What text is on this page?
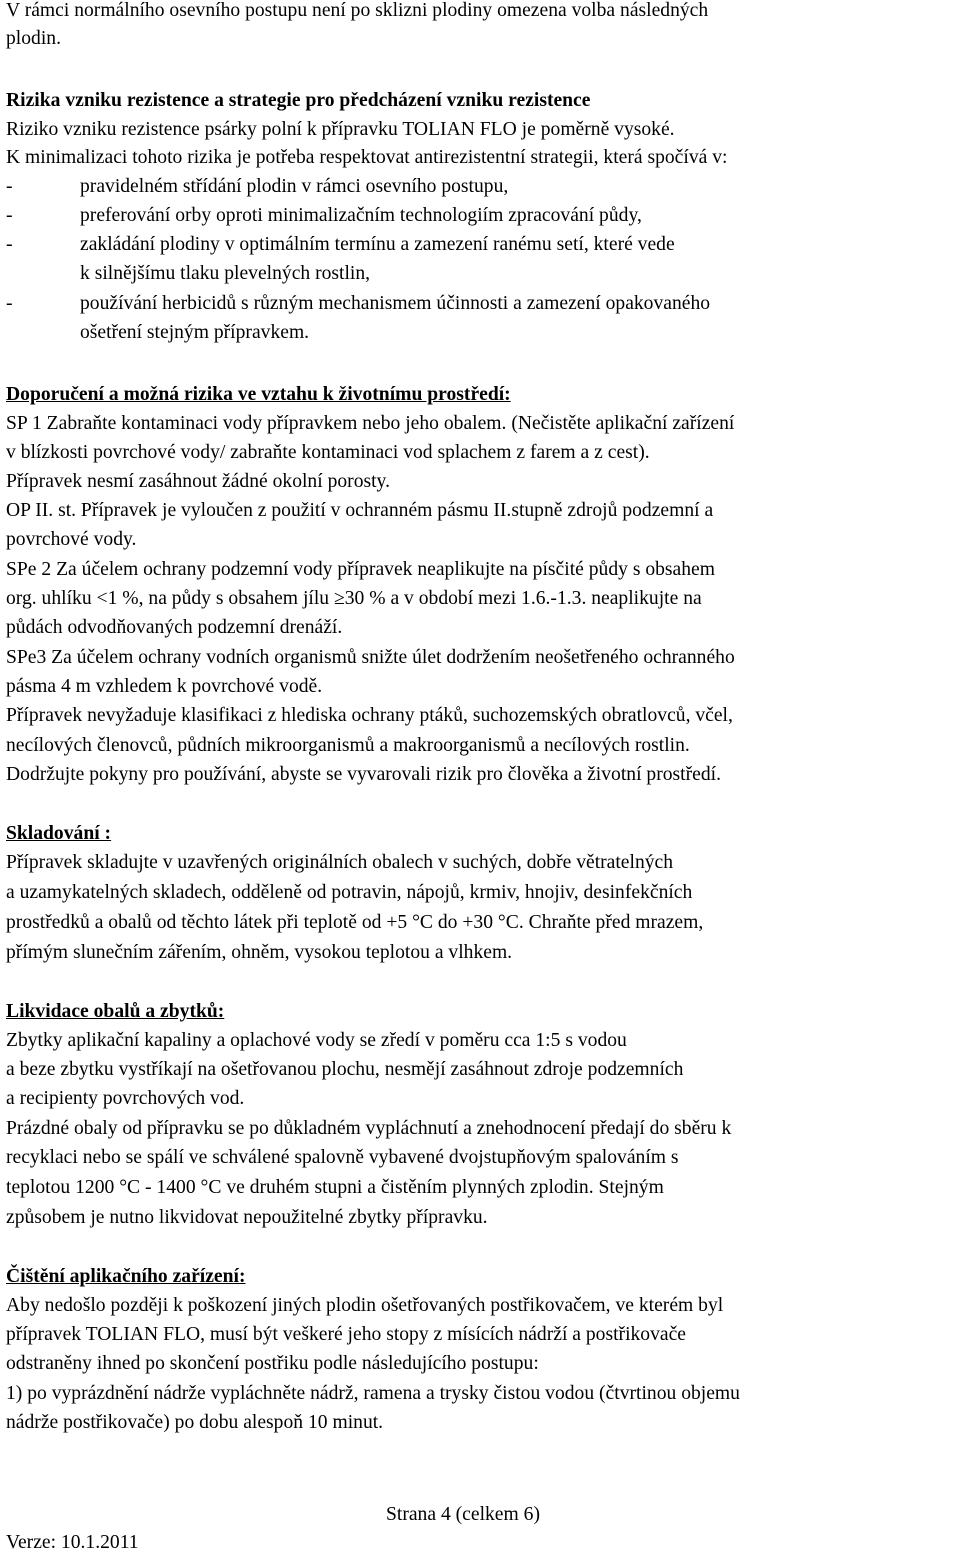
V rámci normálního osevního postupu není po sklizni plodiny omezena volba následných
plodin.
Rizika vzniku rezistence a strategie pro předcházení vzniku rezistence
Riziko vzniku rezistence psárky polní k přípravku TOLIAN FLO je poměrně vysoké.
K minimalizaci tohoto rizika je potřeba respektovat antirezistentní strategii, která spočívá v:
-	pravidelném střídání plodin v rámci osevního postupu,
-	preferování orby oproti minimalizačním technologiím zpracování půdy,
-	zakládání plodiny v optimálním termínu a zamezení ranému setí, které vede
k silnějšímu tlaku plevelných rostlin,
-	používání herbicidů s různým mechanismem účinnosti a zamezení opakovaného
ošetření stejným přípravkem.
Doporučení a možná rizika ve vztahu k životnímu prostředí:
SP 1 Zabraňte kontaminaci vody přípravkem nebo jeho obalem. (Nečistěte aplikační zařízení
v blízkosti povrchové vody/ zabraňte kontaminaci vod splachem z farem a z cest).
Přípravek nesmí zasáhnout žádné okolní porosty.
OP II. st. Přípravek je vyloučen z použití v ochranném pásmu II.stupně zdrojů podzemní a
povrchové vody.
SPe 2 Za účelem ochrany podzemní vody přípravek neaplikujte na písčité půdy s obsahem
org. uhlíku <1 %, na půdy s obsahem jílu ≥30 % a v období mezi 1.6.-1.3. neaplikujte na
půdách odvodňovaných podzemní drenáží.
SPe3 Za účelem ochrany vodních organismů snižte úlet dodržením neošetřeného ochranného
pásma 4 m vzhledem k povrchové vodě.
Přípravek nevyžaduje klasifikaci z hlediska ochrany ptáků, suchozemských obratlovců, včel,
necílových členovců, půdních mikroorganismů a makroorganismů a necílových rostlin.
Dodržujte pokyny pro používání, abyste se vyvarovali rizik pro člověka a životní prostředí.
Skladování :
Přípravek skladujte v uzavřených originálních obalech v suchých, dobře větratelných
a uzamykatelných skladech, odděleně od potravin, nápojů, krmiv, hnojiv, desinfekčních
prostředků a obalů od těchto látek při teplotě od +5 °C do +30 °C. Chraňte před mrazem,
přímým slunečním zářením, ohněm, vysokou teplotou a vlhkem.
Likvidace obalů a zbytků:
Zbytky aplikační kapaliny a oplachové vody se zředí v poměru cca 1:5 s vodou
a beze zbytku vystříkají na ošetřovanou plochu, nesmějí zasáhnout zdroje podzemních
a recipienty povrchových vod.
Prázdné obaly od přípravku se po důkladném vypláchnutí a znehodnocení předají do sběru k
recyklaci nebo se spálí ve schválené spalovně vybavené dvojstupňovým spalováním s
teplotou 1200 °C - 1400 °C ve druhém stupni a čistěním plynných zplodin. Stejným
způsobem je nutno likvidovat nepoužitelné zbytky přípravku.
Čištění aplikačního zařízení:
Aby nedošlo později k poškození jiných plodin ošetřovaných postřikovačem, ve kterém byl
přípravek TOLIAN FLO, musí být veškeré jeho stopy z mísících nádrží a postřikovače
odstraněny ihned po skončení postřiku podle následujícího postupu:
1) po vyprázdnění nádrže vypláchněte nádrž, ramena a trysky čistou vodou (čtvrtinou objemu
nádrže postřikovače) po dobu alespoň 10 minut.
Strana 4 (celkem 6)
Verze: 10.1.2011
